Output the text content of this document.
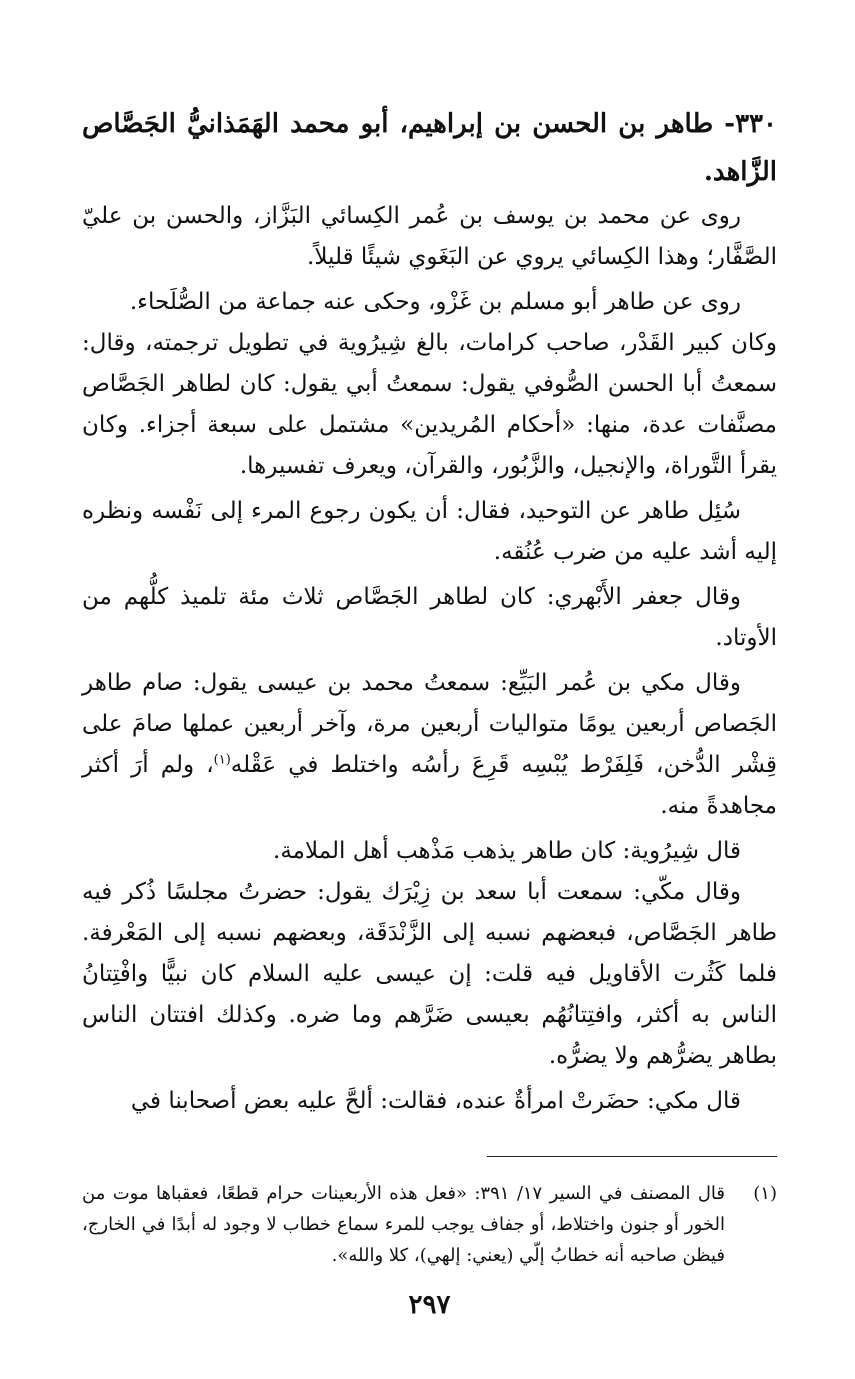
٣٣٠- طاهر بن الحسن بن إبراهيم، أبو محمد الهَمَذانيُّ الجَصَّاص الزَّاهد.

روى عن محمد بن يوسف بن عُمر الكِسائي البَزَّاز، والحسن بن عليّ الصَّفَّار؛ وهذا الكِسائي يروي عن البَغَوي شيئًا قليلاً.

روى عن طاهر أبو مسلم بن غَزْو، وحكى عنه جماعة من الصُّلَحاء.

وكان كبير القَدْر، صاحب كرامات، بالغ شِيرُوية في تطويل ترجمته، وقال: سمعتُ أبا الحسن الصُّوفي يقول: سمعتُ أبي يقول: كان لطاهر الجَصَّاص مصنَّفات عدة، منها: «أحكام المُريدين» مشتمل على سبعة أجزاء. وكان يقرأ التَّوراة، والإنجيل، والزَّبُور، والقرآن، ويعرف تفسيرها.

سُئِل طاهر عن التوحيد، فقال: أن يكون رجوع المرء إلى نَفْسه ونظره إليه أشد عليه من ضرب عُنُقه.

وقال جعفر الأَبْهري: كان لطاهر الجَصَّاص ثلاث مئة تلميذ كلُّهم من الأوتاد.

وقال مكي بن عُمر البَيِّع: سمعتُ محمد بن عيسى يقول: صام طاهر الجَصاص أربعين يومًا متواليات أربعين مرة، وآخر أربعين عملها صامَ على قِشْر الدُّخن، فَلِفَرْط يُبْسِه قَرِعَ رأسُه واختلط في عَقْله$^{(١)}$، ولم أرَ أكثر مجاهدةً منه.

قال شِيرُوية: كان طاهر يذهب مَذْهب أهل الملامة.

وقال مكّي: سمعت أبا سعد بن زِيْرَك يقول: حضرتُ مجلسًا ذُكر فيه طاهر الجَصَّاص، فبعضهم نسبه إلى الزَّنْدَقَة، وبعضهم نسبه إلى المَعْرفة. فلما كَثُرت الأقاويل فيه قلت: إن عيسى عليه السلام كان نبيًّا وافْتِتانُ الناس به أكثر، وافتِتانُهُم بعيسى ضَرَّهم وما ضره. وكذلك افتتان الناس بطاهر يضرُّهم ولا يضرُّه.

قال مكي: حضَرتْ امرأةٌ عنده، فقالت: ألحَّ عليه بعض أصحابنا في

(١)

قال المصنف في السير ١٧/ ٣٩١: «فعل هذه الأربعينات حرام قطعًا، فعقباها موت من الخور أو جنون واختلاط، أو جفاف يوجب للمرء سماع خطاب لا وجود له أبدًا في الخارج، فيظن صاحبه أنه خطابُ إلّي (يعني: إلهي)، كلا والله».

٢٩٧
